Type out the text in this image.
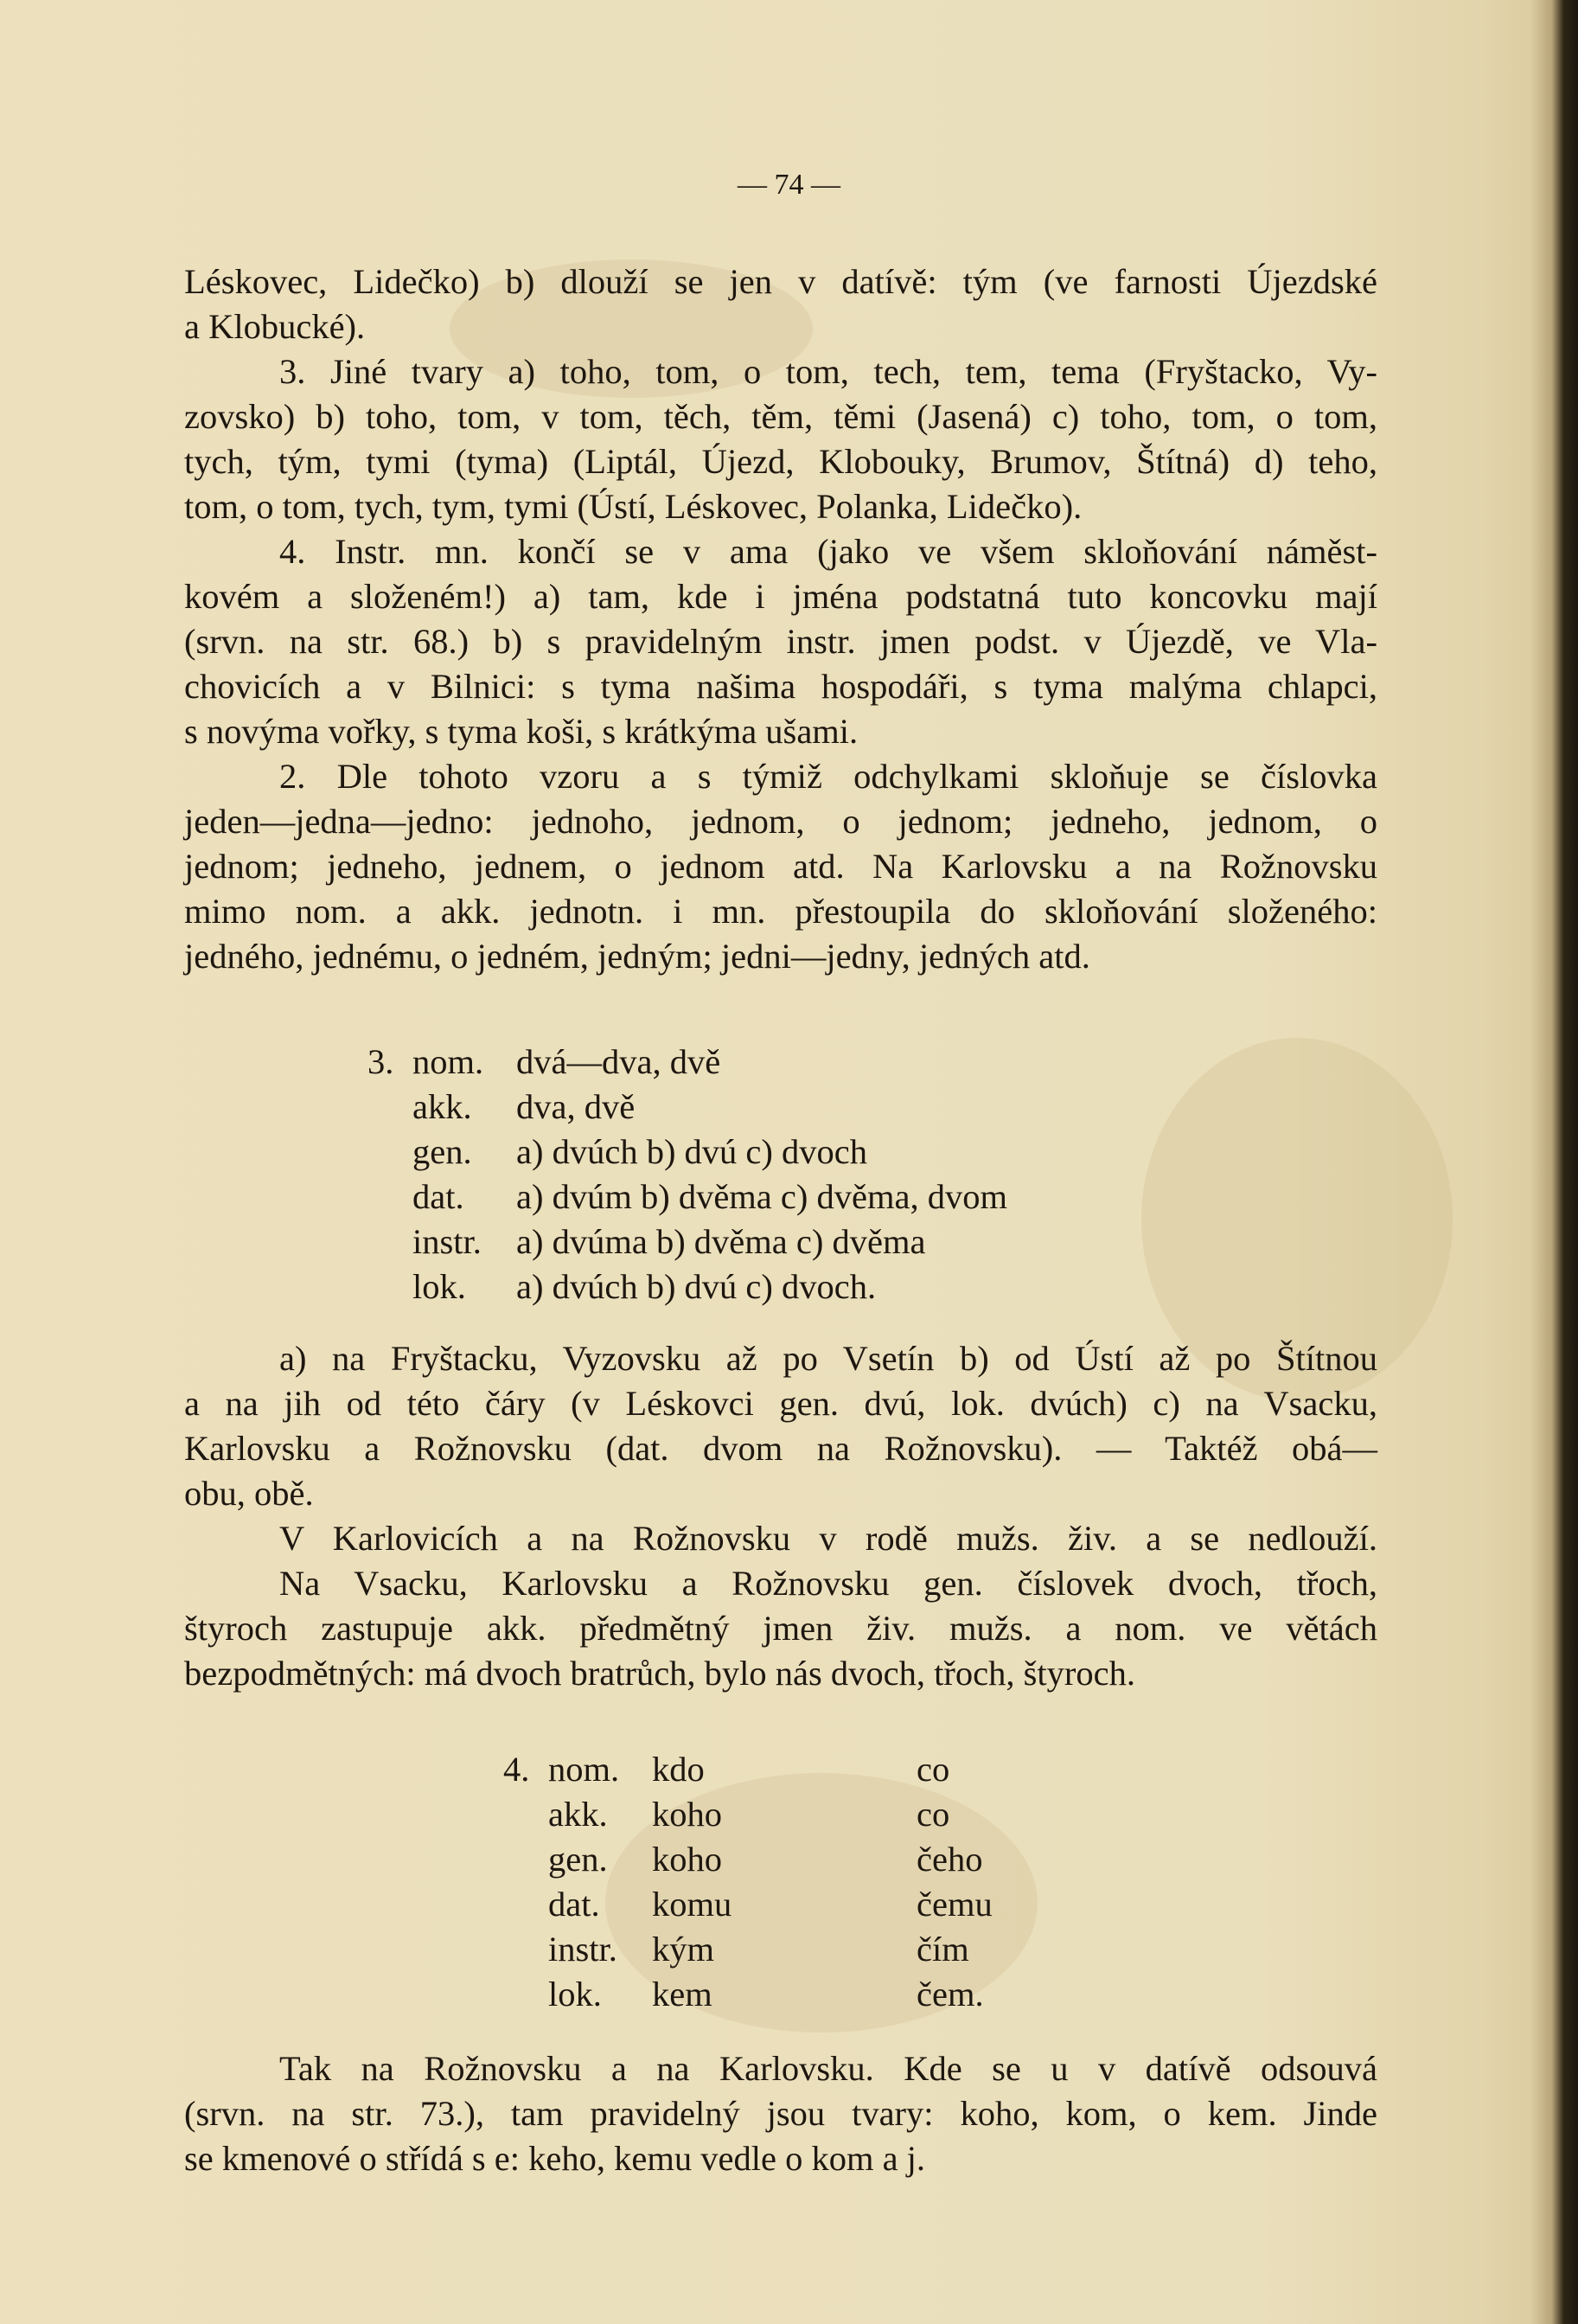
— 74 —
Léskovec, Lidečko) b) dlouží se jen v datívě: tým (ve farnosti Újezdské
a Klobucké).
3. Jiné tvary a) toho, tom, o tom, tech, tem, tema (Fryštacko, Vy-
zovsko) b) toho, tom, v tom, těch, těm, těmi (Jasená) c) toho, tom, o tom,
tych, tým, tymi (tyma) (Liptál, Újezd, Klobouky, Brumov, Štítná) d) teho,
tom, o tom, tych, tym, tymi (Ústí, Léskovec, Polanka, Lidečko).
4. Instr. mn. končí se v ama (jako ve všem skloňování náměst-
kovém a složeném!) a) tam, kde i jména podstatná tuto koncovku mají
(srvn. na str. 68.) b) s pravidelným instr. jmen podst. v Újezdě, ve Vla-
chovicích a v Bilnici: s tyma našima hospodáři, s tyma malýma chlapci,
s novýma vořky, s tyma koši, s krátkýma ušami.
2. Dle tohoto vzoru a s týmiž odchylkami skloňuje se číslovka
jeden—jedna—jedno: jednoho, jednom, o jednom; jedneho, jednom, o
jednom; jedneho, jednem, o jednom atd. Na Karlovsku a na Rožnovsku
mimo nom. a akk. jednotn. i mn. přestoupila do skloňování složeného:
jedného, jednému, o jedném, jedným; jedni—jedny, jedných atd.
3. nom. dvá—dva, dvě
akk. dva, dvě
gen. a) dvúch b) dvú c) dvoch
dat. a) dvúm b) dvěma c) dvěma, dvom
instr. a) dvúma b) dvěma c) dvěma
lok. a) dvúch b) dvú c) dvoch.
a) na Fryštacku, Vyzovsku až po Vsetín b) od Ústí až po Štítnou
a na jih od této čáry (v Léskovci gen. dvú, lok. dvúch) c) na Vsacku,
Karlovsku a Rožnovsku (dat. dvom na Rožnovsku). — Taktéž obá—
obu, obě.
V Karlovicích a na Rožnovsku v rodě mužs. živ. a se nedlouží.
Na Vsacku, Karlovsku a Rožnovsku gen. číslovek dvoch, třoch,
štyroch zastupuje akk. předmětný jmen živ. mužs. a nom. ve větách
bezpodmětných: má dvoch bratrůch, bylo nás dvoch, třoch, štyroch.
4. nom. kdo	co
akk. koho	co
gen. koho	čeho
dat. komu	čemu
instr. kým	čím
lok. kem	čem.
Tak na Rožnovsku a na Karlovsku. Kde se u v datívě odsouvá
(srvn. na str. 73.), tam pravidelný jsou tvary: koho, kom, o kem. Jinde
se kmenové o střídá s e: keho, kemu vedle o kom a j.
